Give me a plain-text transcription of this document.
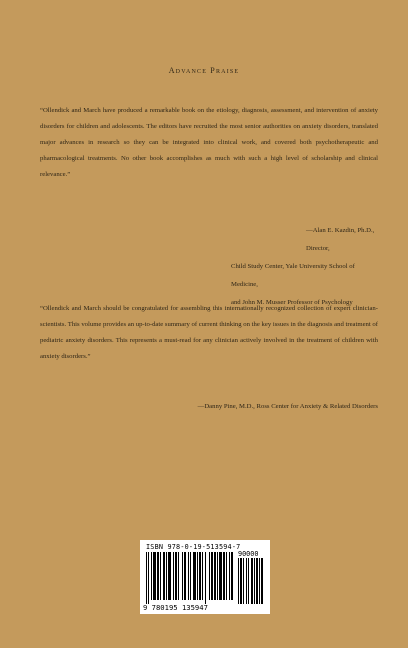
Advance Praise

“Ollendick and March have produced a remarkable book on the etiology, diagnosis, assessment, and intervention of anxiety disorders for children and adolescents. The editors have recruited the most senior authorities on anxiety disorders, translated major advances in research so they can be integrated into clinical work, and covered both psychotherapeutic and pharmacological treatments. No other book accomplishes as much with such a high level of scholarship and clinical relevance.”

—Alan E. Kazdin, Ph.D., Director,
Child Study Center, Yale University School of Medicine,
and John M. Musser Professor of Psychology

“Ollendick and March should be congratulated for assembling this internationally recognized collection of expert clinician-scientists. This volume provides an up-to-date summary of current thinking on the key issues in the diagnosis and treatment of pediatric anxiety disorders. This represents a must-read for any clinician actively involved in the treatment of children with anxiety disorders.”

—Danny Pine, M.D., Ross Center for Anxiety & Related Disorders
ISBN 978-0-19-513594-7
90000
9 780195 135947
